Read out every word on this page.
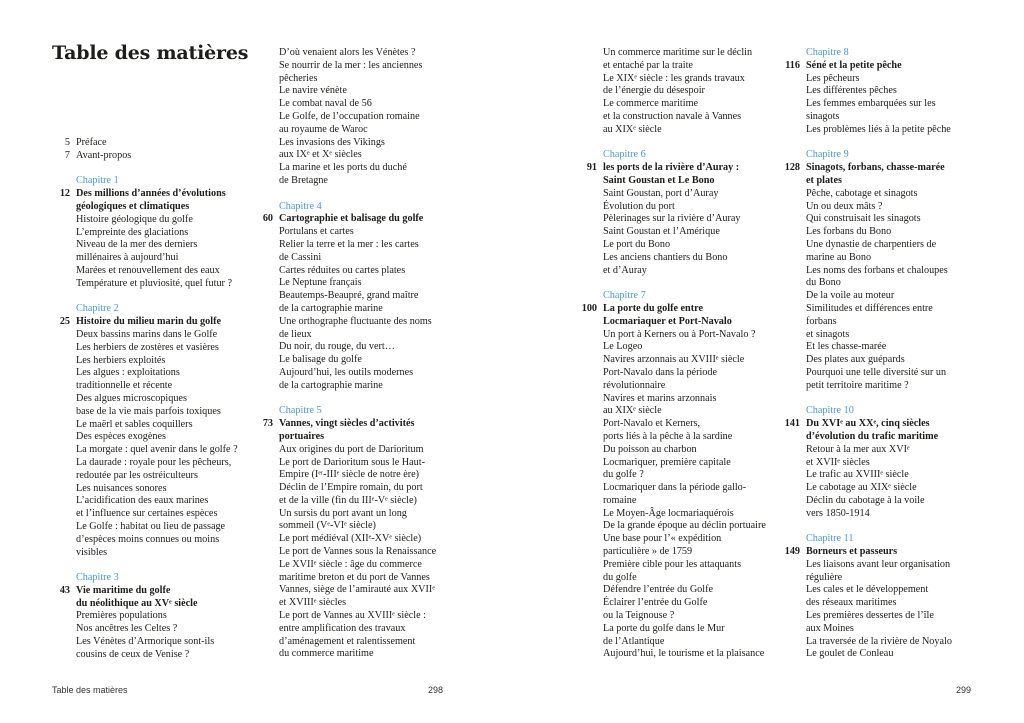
Table des matières
5 Préface
7 Avant-propos
Chapitre 1
12 Des millions d’années d’évolutions
géologiques et climatiques
Histoire géologique du golfe
L’empreinte des glaciations
Niveau de la mer des derniers
millénaires à aujourd’hui
Marées et renouvellement des eaux
Température et pluviosité, quel futur ?
Chapitre 2
25 Histoire du milieu marin du golfe
Deux bassins marins dans le Golfe
Les herbiers de zostères et vasières
Les herbiers exploités
Les algues : exploitations
traditionnelle et récente
Des algues microscopiques
base de la vie mais parfois toxiques
Le maërl et sables coquillers
Des espèces exogènes
La morgate : quel avenir dans le golfe ?
La daurade : royale pour les pêcheurs,
redoutée par les ostréiculteurs
Les nuisances sonores
L’acidification des eaux marines
et l’influence sur certaines espèces
Le Golfe : habitat ou lieu de passage
d’espèces moins connues ou moins
visibles
Chapitre 3
43 Vie maritime du golfe
du néolithique au XVᵉ siècle
Premières populations
Nos ancêtres les Celtes ?
Les Vénètes d’Armorique sont-ils
cousins de ceux de Venise ?
D’où venaient alors les Vénètes ?
Se nourrir de la mer : les anciennes
pêcheries
Le navire vénète
Le combat naval de 56
Le Golfe, de l’occupation romaine
au royaume de Waroc
Les invasions des Vikings
aux IXᵉ et Xᵉ siècles
La marine et les ports du duché
de Bretagne
Chapitre 4
60 Cartographie et balisage du golfe
Portulans et cartes
Relier la terre et la mer : les cartes
de Cassini
Cartes réduites ou cartes plates
Le Neptune français
Beautemps-Beaupré, grand maître
de la cartographie marine
Une orthographe fluctuante des noms
de lieux
Du noir, du rouge, du vert…
Le balisage du golfe
Aujourd’hui, les outils modernes
de la cartographie marine
Chapitre 5
73 Vannes, vingt siècles d’activités
portuaires
Aux origines du port de Darioritum
Le port de Darioritum sous le Haut-
Empire (Iᵉʳ-IIIᵉ siècle de notre ère)
Déclin de l’Empire romain, du port
et de la ville (fin du IIIᵉ-Vᵉ siècle)
Un sursis du port avant un long
sommeil (Vᵉ-VIᵉ siècle)
Le port médiéval (XIIᵉ-XVᵉ siècle)
Le port de Vannes sous la Renaissance
Le XVIIᵉ siècle : âge du commerce
maritime breton et du port de Vannes
Vannes, siège de l’amirauté aux XVIIᵉ
et XVIIIᵉ siècles
Le port de Vannes au XVIIIᵉ siècle :
entre amplification des travaux
d’aménagement et ralentissement
du commerce maritime
Un commerce maritime sur le déclin
et entaché par la traite
Le XIXᵉ siècle : les grands travaux
de l’énergie du désespoir
Le commerce maritime
et la construction navale à Vannes
au XIXᵉ siècle
Chapitre 6
91 les ports de la rivière d’Auray :
Saint Goustan et Le Bono
Saint Goustan, port d’Auray
Évolution du port
Pèlerinages sur la rivière d’Auray
Saint Goustan et l’Amérique
Le port du Bono
Les anciens chantiers du Bono
et d’Auray
Chapitre 7
100 La porte du golfe entre
Locmariaquer et Port-Navalo
Un port à Kerners ou à Port-Navalo ?
Le Logeo
Navires arzonnais au XVIIIᵉ siècle
Port-Navalo dans la période
révolutionnaire
Navires et marins arzonnais
au XIXᵉ siècle
Port-Navalo et Kerners,
ports liés à la pêche à la sardine
Du poisson au charbon
Locmariquer, première capitale
du golfe ?
Locmariquer dans la période gallo-
romaine
Le Moyen-Âge locmariaquérois
De la grande époque au déclin portuaire
Une base pour l’« expédition
particulière » de 1759
Première cible pour les attaquants
du golfe
Défendre l’entrée du Golfe
Éclairer l’entrée du Golfe
ou la Teignouse ?
La porte du golfe dans le Mur
de l’Atlantique
Aujourd’hui, le tourisme et la plaisance
Chapitre 8
116 Séné et la petite pêche
Les pêcheurs
Les différentes pêches
Les femmes embarquées sur les
sinagots
Les problèmes liés à la petite pêche
Chapitre 9
128 Sinagots, forbans, chasse-marée
et plates
Pêche, cabotage et sinagots
Un ou deux mâts ?
Qui construisait les sinagots
Les forbans du Bono
Une dynastie de charpentiers de
marine au Bono
Les noms des forbans et chaloupes
du Bono
De la voile au moteur
Similitudes et différences entre
forbans
et sinagots
Et les chasse-marée
Des plates aux guépards
Pourquoi une telle diversité sur un
petit territoire maritime ?
Chapitre 10
141 Du XVIᵉ au XXᵉ, cinq siècles
d’évolution du trafic maritime
Retour à la mer aux XVIᵉ
et XVIIᵉ siècles
Le trafic au XVIIIᵉ siècle
Le cabotage au XIXᵉ siècle
Déclin du cabotage à la voile
vers 1850-1914
Chapitre 11
149 Borneurs et passeurs
Les liaisons avant leur organisation
régulière
Les cales et le développement
des réseaux maritimes
Les premières dessertes de l’île
aux Moines
La traversée de la rivière de Noyalo
Le goulet de Conleau
Table des matières	298	299
